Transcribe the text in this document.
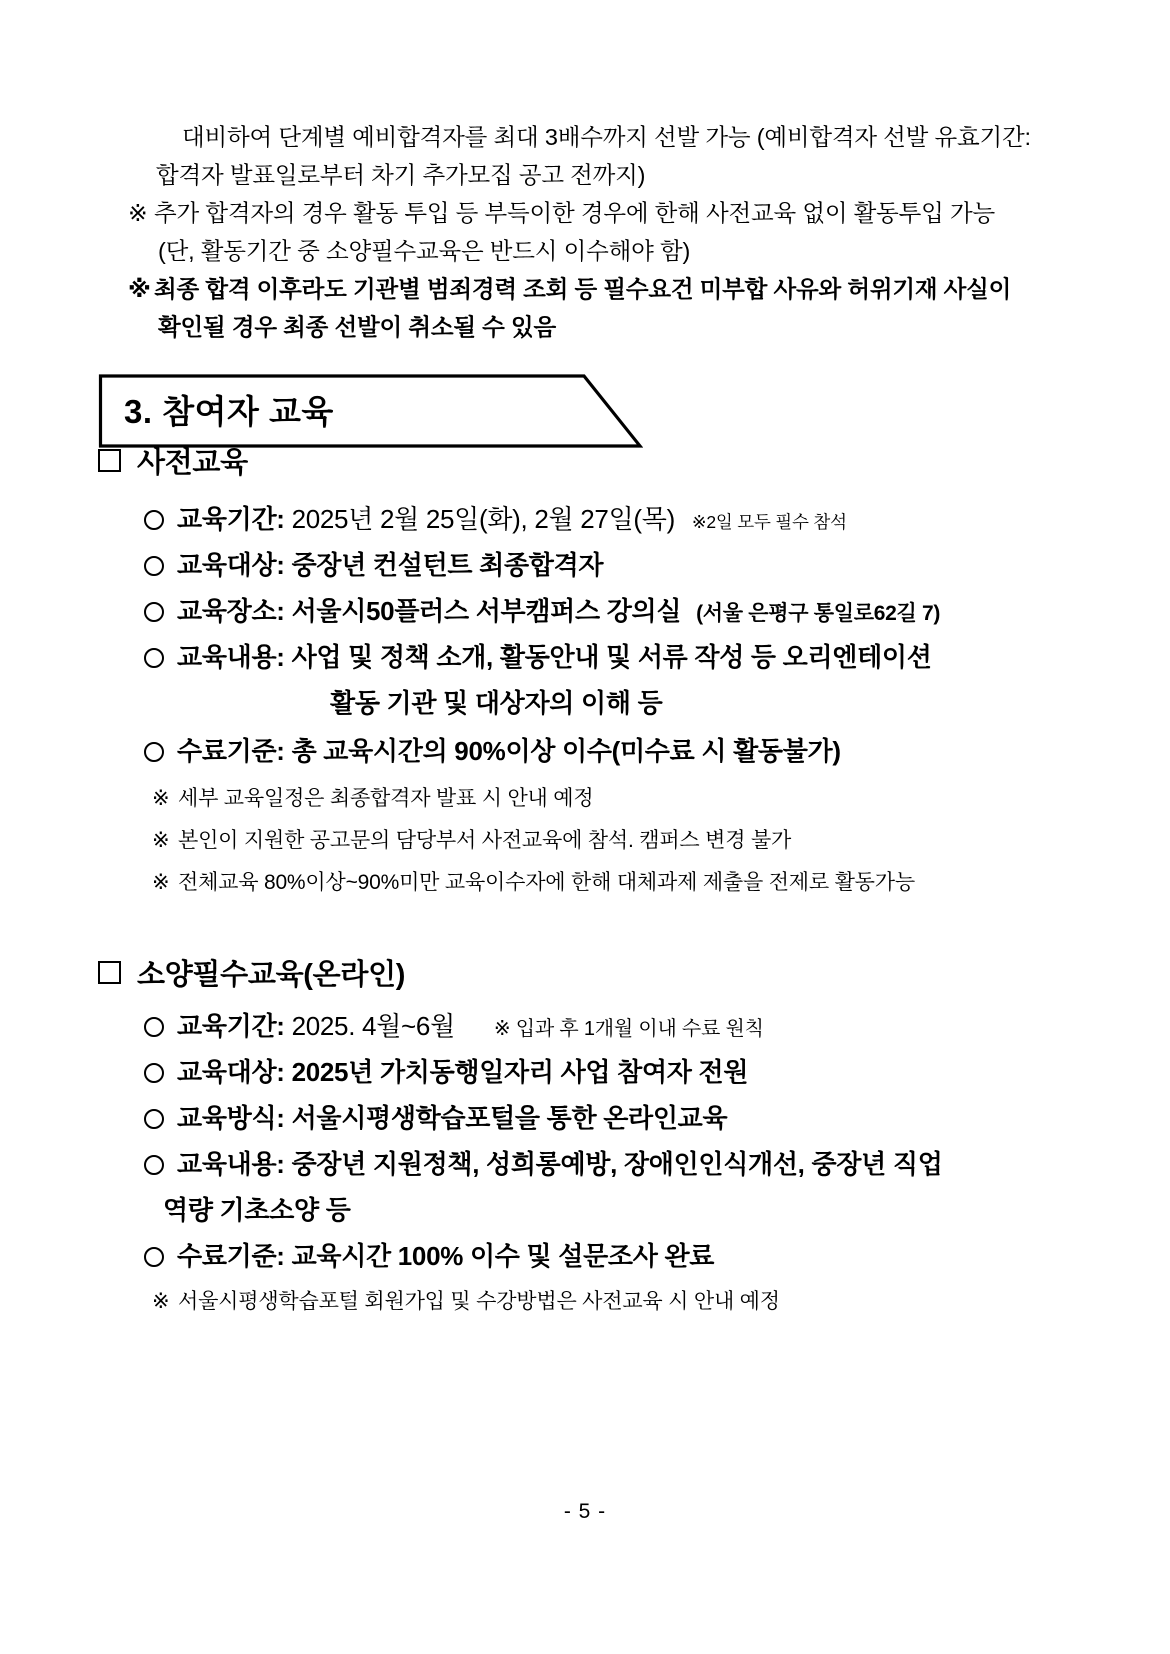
대비하여 단계별 예비합격자를 최대 3배수까지 선발 가능 (예비합격자 선발 유효기간:
합격자 발표일로부터 차기 추가모집 공고 전까지)
※ 추가 합격자의 경우 활동 투입 등 부득이한 경우에 한해 사전교육 없이 활동투입 가능
(단, 활동기간 중 소양필수교육은 반드시 이수해야 함)
※ 최종 합격 이후라도 기관별 범죄경력 조회 등 필수요건 미부합 사유와 허위기재 사실이
확인될 경우 최종 선발이 취소될 수 있음
3. 참여자 교육
사전교육
교육기간: 2025년 2월 25일(화), 2월 27일(목) ※2일 모두 필수 참석
교육대상: 중장년 컨설턴트 최종합격자
교육장소: 서울시50플러스 서부캠퍼스 강의실 (서울 은평구 통일로62길 7)
교육내용: 사업 및 정책 소개, 활동안내 및 서류 작성 등 오리엔테이션
활동 기관 및 대상자의 이해 등
수료기준: 총 교육시간의 90%이상 이수(미수료 시 활동불가)
※ 세부 교육일정은 최종합격자 발표 시 안내 예정
※ 본인이 지원한 공고문의 담당부서 사전교육에 참석. 캠퍼스 변경 불가
※ 전체교육 80%이상~90%미만 교육이수자에 한해 대체과제 제출을 전제로 활동가능
소양필수교육(온라인)
교육기간: 2025. 4월~6월 ※ 입과 후 1개월 이내 수료 원칙
교육대상: 2025년 가치동행일자리 사업 참여자 전원
교육방식: 서울시평생학습포털을 통한 온라인교육
교육내용: 중장년 지원정책, 성희롱예방, 장애인인식개선, 중장년 직업
역량 기초소양 등
수료기준: 교육시간 100% 이수 및 설문조사 완료
※ 서울시평생학습포털 회원가입 및 수강방법은 사전교육 시 안내 예정
- 5 -
